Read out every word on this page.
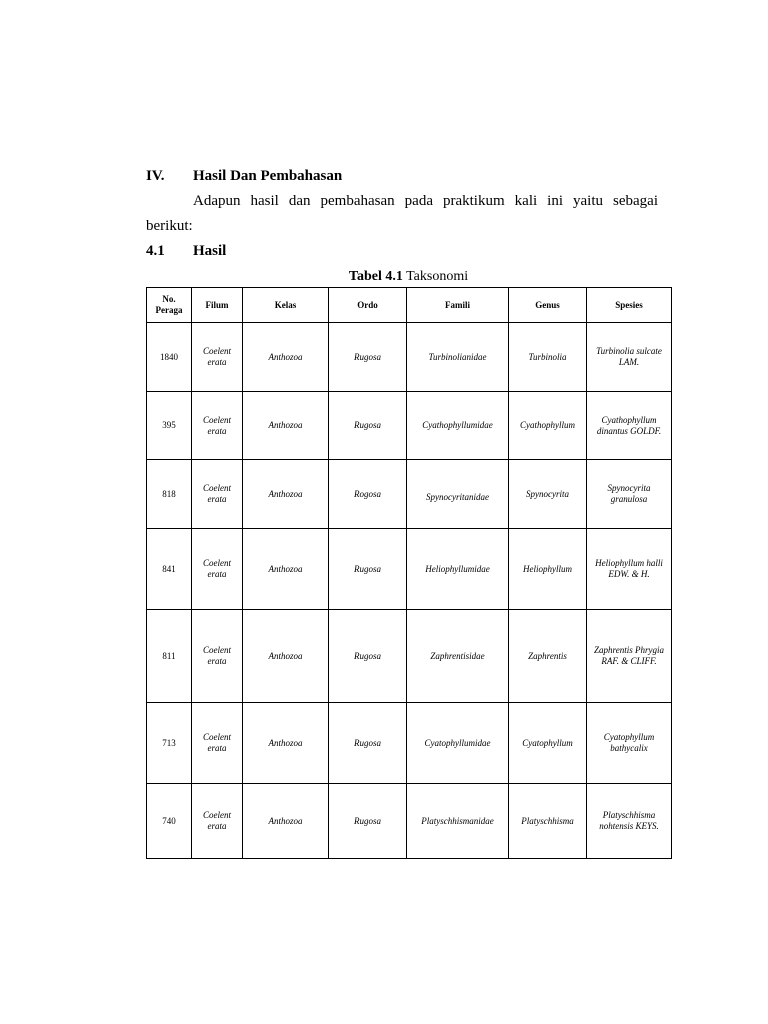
IV. Hasil Dan Pembahasan
Adapun hasil dan pembahasan pada praktikum kali ini yaitu sebagai
berikut:
4.1 Hasil
Tabel 4.1 Taksonomi
No. Peraga	Filum	Kelas	Ordo	Famili	Genus	Spesies
1840	Coelent erata	Anthozoa	Rugosa	Turbinolianidae	Turbinolia	Turbinolia sulcate LAM.
395	Coelent erata	Anthozoa	Rugosa	Cyathophyllumidae	Cyathophyllum	Cyathophyllum dinantus GOLDF.
818	Coelent erata	Anthozoa	Rogosa	Spynocyritanidae	Spynocyrita	Spynocyrita granulosa
841	Coelent erata	Anthozoa	Rugosa	Heliophyllumidae	Heliophyllum	Heliophyllum halli EDW. & H.
811	Coelent erata	Anthozoa	Rugosa	Zaphrentisidae	Zaphrentis	Zaphrentis Phrygia RAF. & CLIFF.
713	Coelent erata	Anthozoa	Rugosa	Cyatophyllumidae	Cyatophyllum	Cyatophyllum bathycalix
740	Coelent erata	Anthozoa	Rugosa	Platyschhismanidae	Platyschhisma	Platyschhisma nohtensis KEYS.
